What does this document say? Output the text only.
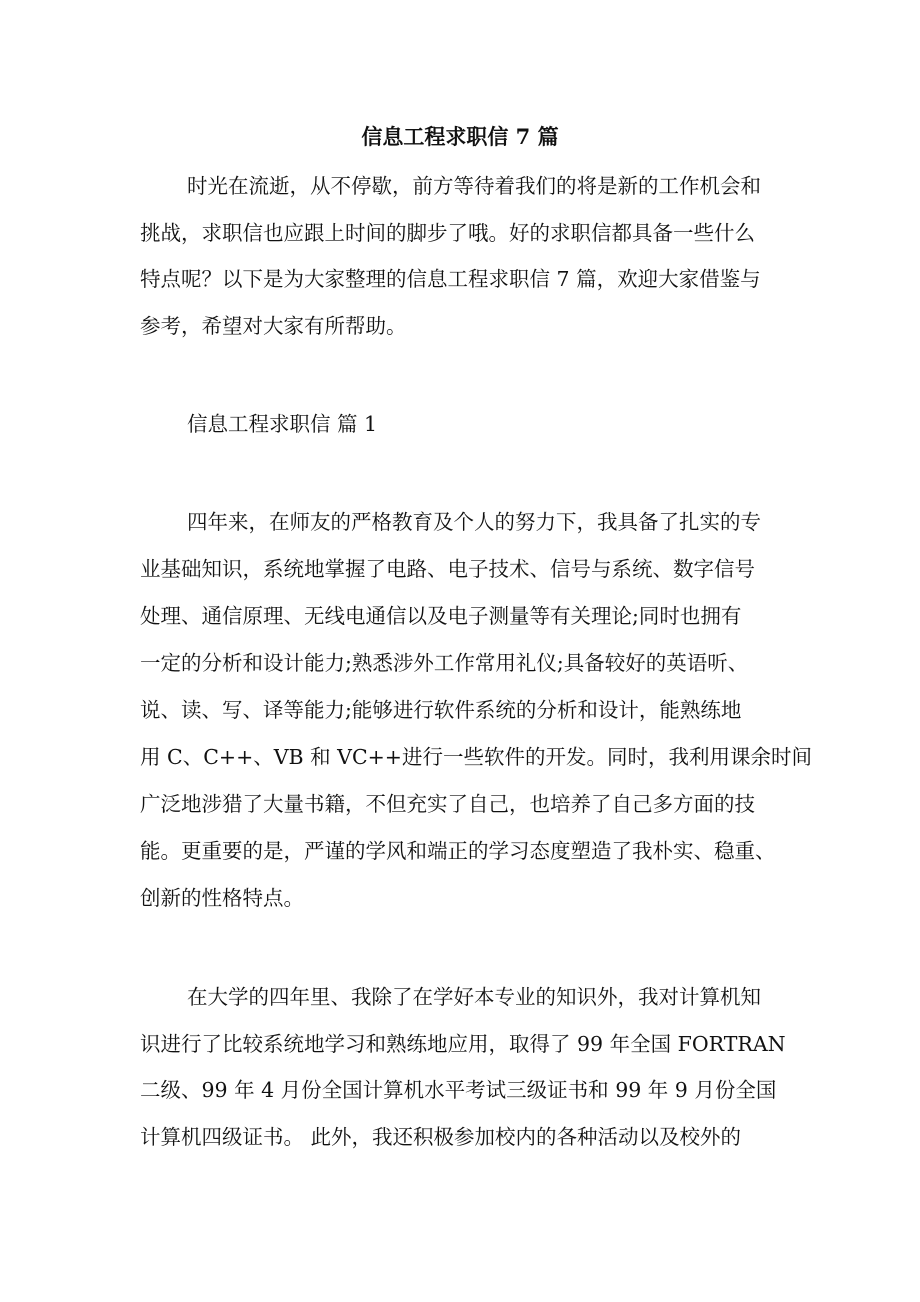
信息工程求职信 7 篇
时光在流逝，从不停歇，前方等待着我们的将是新的工作机会和
挑战，求职信也应跟上时间的脚步了哦。好的求职信都具备一些什么
特点呢？以下是为大家整理的信息工程求职信 7 篇，欢迎大家借鉴与
参考，希望对大家有所帮助。
信息工程求职信 篇 1
四年来，在师友的严格教育及个人的努力下，我具备了扎实的专
业基础知识，系统地掌握了电路、电子技术、信号与系统、数字信号
处理、通信原理、无线电通信以及电子测量等有关理论;同时也拥有
一定的分析和设计能力;熟悉涉外工作常用礼仪;具备较好的英语听、
说、读、写、译等能力;能够进行软件系统的分析和设计，能熟练地
用 C、C++、VB 和 VC++进行一些软件的开发。同时，我利用课余时间
广泛地涉猎了大量书籍，不但充实了自己，也培养了自己多方面的技
能。更重要的是，严谨的学风和端正的学习态度塑造了我朴实、稳重、
创新的性格特点。
在大学的四年里、我除了在学好本专业的知识外，我对计算机知
识进行了比较系统地学习和熟练地应用，取得了 99 年全国 FORTRAN
二级、99 年 4 月份全国计算机水平考试三级证书和 99 年 9 月份全国
计算机四级证书。 此外，我还积极参加校内的各种活动以及校外的
